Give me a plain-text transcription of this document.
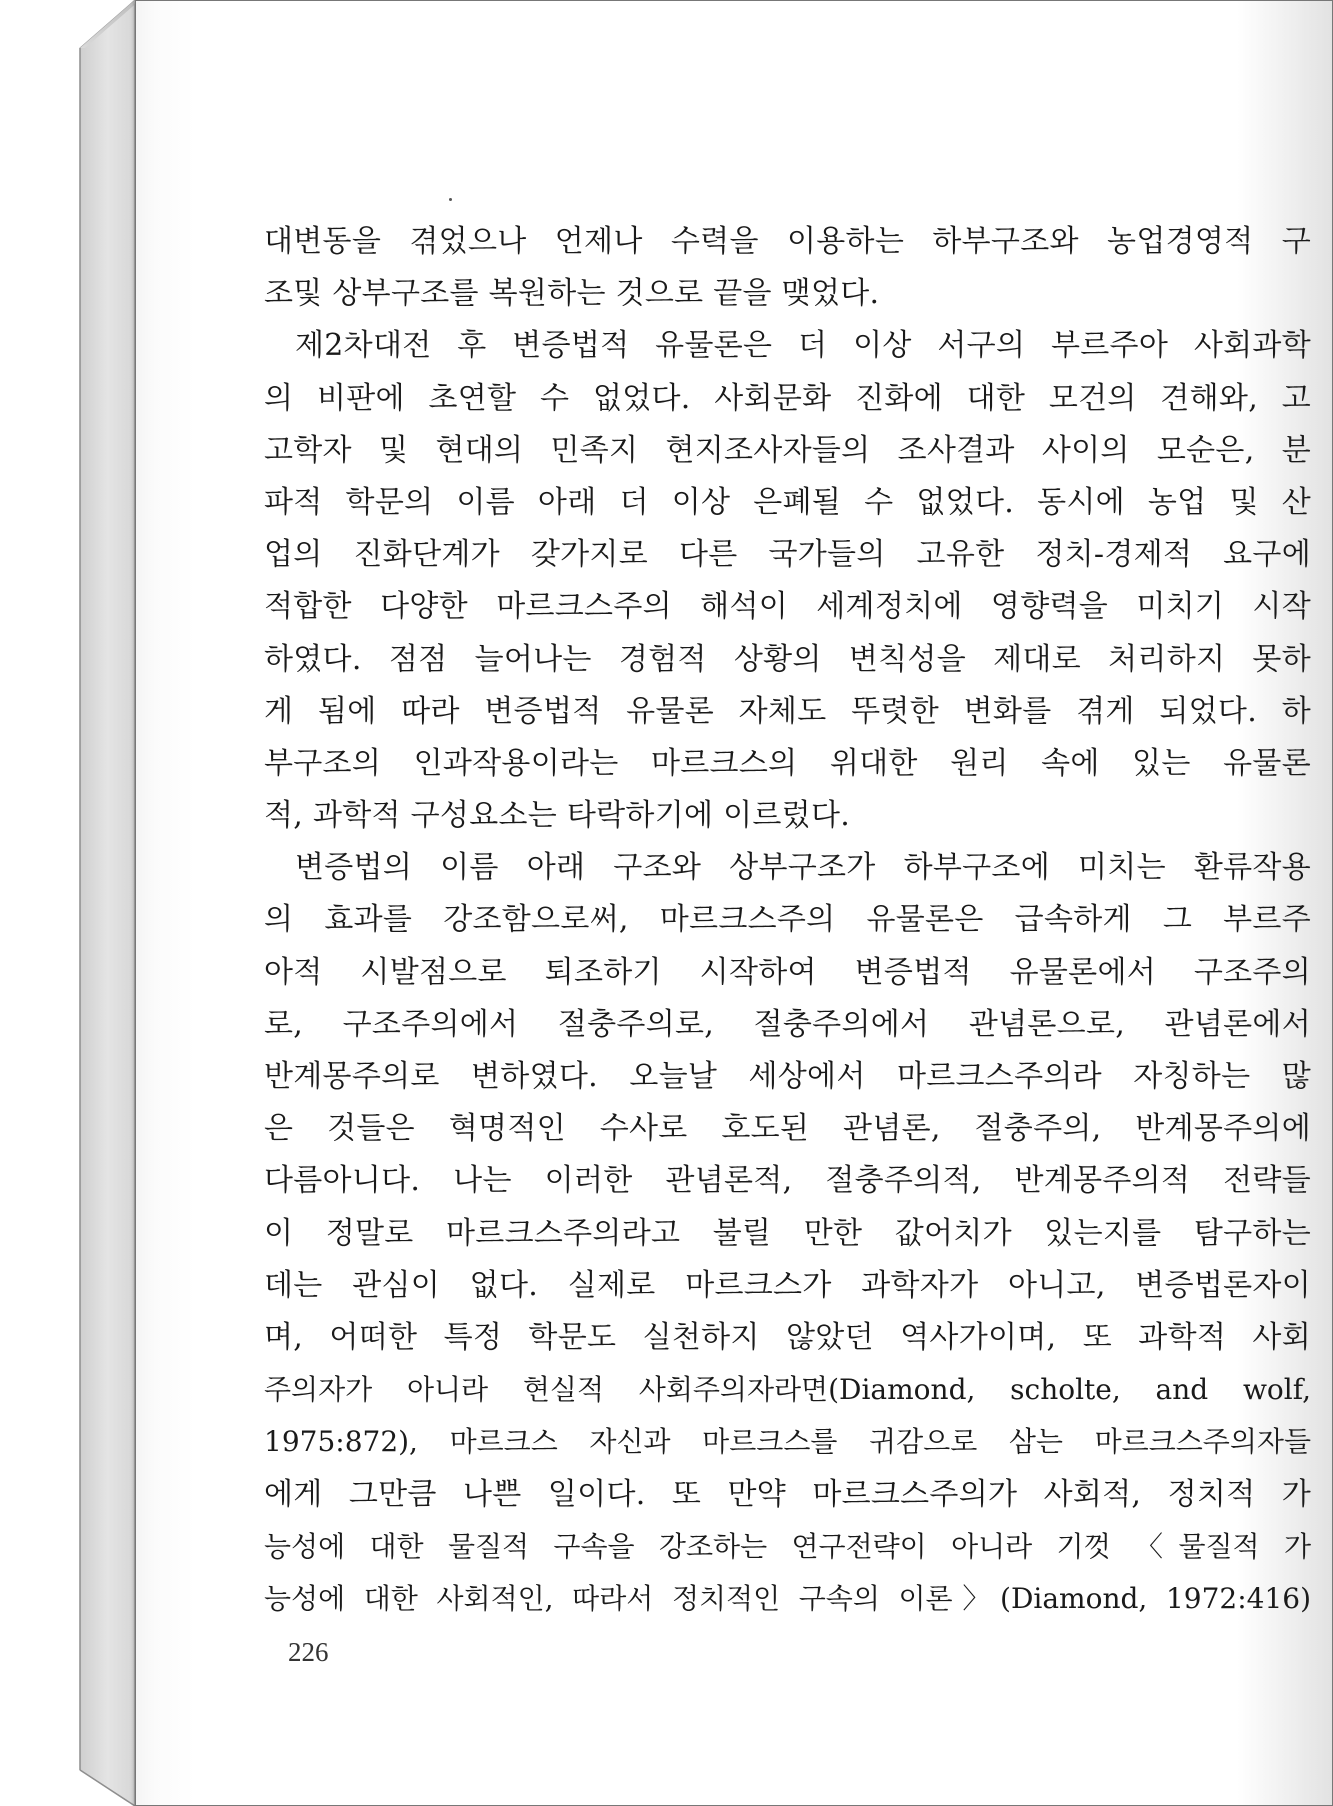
대변동을 겪었으나 언제나 수력을 이용하는 하부구조와 농업경영적 구
조및 상부구조를 복원하는 것으로 끝을 맺었다.
제2차대전 후 변증법적 유물론은 더 이상 서구의 부르주아 사회과학
의 비판에 초연할 수 없었다. 사회문화 진화에 대한 모건의 견해와, 고
고학자 및 현대의 민족지 현지조사자들의 조사결과 사이의 모순은, 분
파적 학문의 이름 아래 더 이상 은폐될 수 없었다. 동시에 농업 및 산
업의 진화단계가 갖가지로 다른 국가들의 고유한 정치-경제적 요구에
적합한 다양한 마르크스주의 해석이 세계정치에 영향력을 미치기 시작
하였다. 점점 늘어나는 경험적 상황의 변칙성을 제대로 처리하지 못하
게 됨에 따라 변증법적 유물론 자체도 뚜렷한 변화를 겪게 되었다. 하
부구조의 인과작용이라는 마르크스의 위대한 원리 속에 있는 유물론
적, 과학적 구성요소는 타락하기에 이르렀다.
변증법의 이름 아래 구조와 상부구조가 하부구조에 미치는 환류작용
의 효과를 강조함으로써, 마르크스주의 유물론은 급속하게 그 부르주
아적 시발점으로 퇴조하기 시작하여 변증법적 유물론에서 구조주의
로, 구조주의에서 절충주의로, 절충주의에서 관념론으로, 관념론에서
반계몽주의로 변하였다. 오늘날 세상에서 마르크스주의라 자칭하는 많
은 것들은 혁명적인 수사로 호도된 관념론, 절충주의, 반계몽주의에
다름아니다. 나는 이러한 관념론적, 절충주의적, 반계몽주의적 전략들
이 정말로 마르크스주의라고 불릴 만한 값어치가 있는지를 탐구하는
데는 관심이 없다. 실제로 마르크스가 과학자가 아니고, 변증법론자이
며, 어떠한 특정 학문도 실천하지 않았던 역사가이며, 또 과학적 사회
주의자가 아니라 현실적 사회주의자라면(Diamond, scholte, and wolf,
1975:872), 마르크스 자신과 마르크스를 귀감으로 삼는 마르크스주의자들
에게 그만큼 나쁜 일이다. 또 만약 마르크스주의가 사회적, 정치적 가
능성에 대한 물질적 구속을 강조하는 연구전략이 아니라 기껏 〈물질적 가
능성에 대한 사회적인, 따라서 정치적인 구속의 이론〉(Diamond, 1972:416)
226
